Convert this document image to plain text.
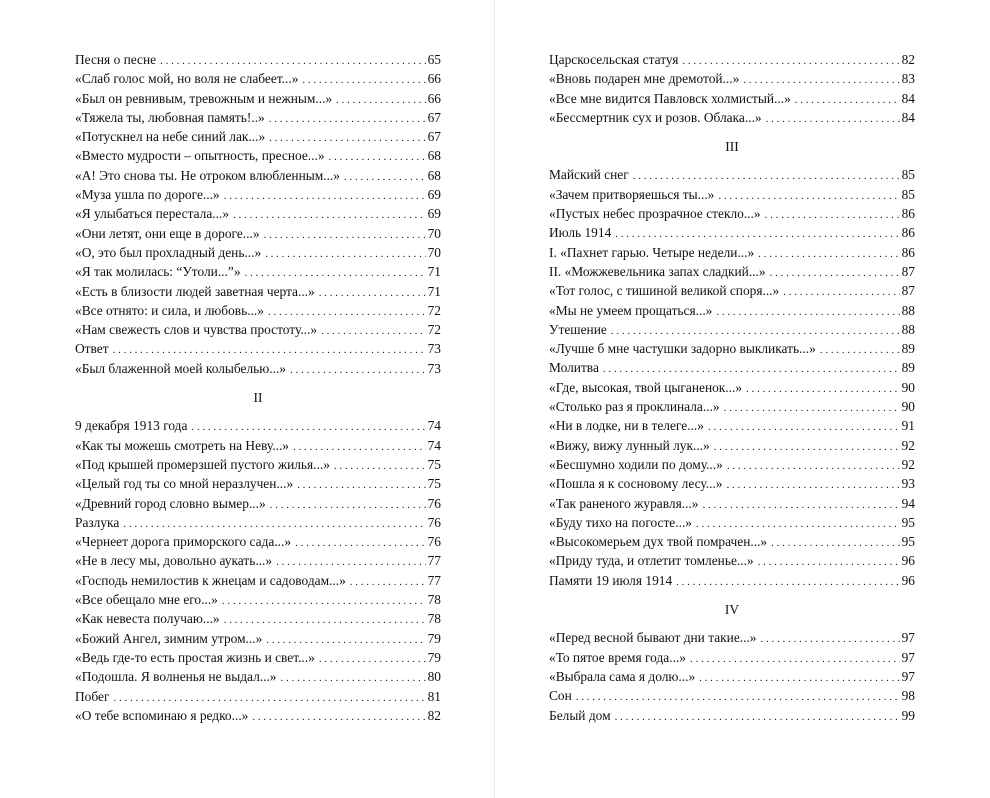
Песня о песне . . .	65
«Слаб голос мой, но воля не слабеет...» . . .	66
«Был он ревнивым, тревожным и нежным...» . . .	66
«Тяжела ты, любовная память!..» . . .	67
«Потускнел на небе синий лак...» . . .	67
«Вместо мудрости – опытность, пресное...» . . .	68
«А! Это снова ты. Не отроком влюбленным...» . . .	68
«Муза ушла по дороге...» . . .	69
«Я улыбаться перестала...» . . .	69
«Они летят, они еще в дороге...» . . .	70
«О, это был прохладный день...» . . .	70
«Я так молилась: “Утоли...”» . . .	71
«Есть в близости людей заветная черта...» . . .	71
«Все отнято: и сила, и любовь...» . . .	72
«Нам свежесть слов и чувства простоту...» . . .	72
Ответ . . .	73
«Был блаженной моей колыбелью...» . . .	73
II
9 декабря 1913 года . . .	74
«Как ты можешь смотреть на Неву...» . . .	74
«Под крышей промерзшей пустого жилья...» . . .	75
«Целый год ты со мной неразлучен...» . . .	75
«Древний город словно вымер...» . . .	76
Разлука . . .	76
«Чернеет дорога приморского сада...» . . .	76
«Не в лесу мы, довольно аукать...» . . .	77
«Господь немилостив к жнецам и садоводам...» . . .	77
«Все обещало мне его...» . . .	78
«Как невеста получаю...» . . .	78
«Божий Ангел, зимним утром...» . . .	79
«Ведь где-то есть простая жизнь и свет...» . . .	79
«Подошла. Я волненья не выдал...» . . .	80
Побег . . .	81
«О тебе вспоминаю я редко...» . . .	82
Царскосельская статуя . . .	82
«Вновь подарен мне дремотой...» . . .	83
«Все мне видится Павловск холмистый...» . . .	84
«Бессмертник сух и розов. Облака...» . . .	84
III
Майский снег . . .	85
«Зачем притворяешься ты...» . . .	85
«Пустых небес прозрачное стекло...» . . .	86
Июль 1914 . . .	86
I. «Пахнет гарью. Четыре недели...» . . .	86
II. «Можжевельника запах сладкий...» . . .	87
«Тот голос, с тишиной великой споря...» . . .	87
«Мы не умеем прощаться...» . . .	88
Утешение . . .	88
«Лучше б мне частушки задорно выкликать...» . . .	89
Молитва . . .	89
«Где, высокая, твой цыганенок...» . . .	90
«Столько раз я проклинала...» . . .	90
«Ни в лодке, ни в телеге...» . . .	91
«Вижу, вижу лунный лук...» . . .	92
«Бесшумно ходили по дому...» . . .	92
«Пошла я к сосновому лесу...» . . .	93
«Так раненого журавля...» . . .	94
«Буду тихо на погосте...» . . .	95
«Высокомерьем дух твой помрачен...» . . .	95
«Приду туда, и отлетит томленье...» . . .	96
Памяти 19 июля 1914 . . .	96
IV
«Перед весной бывают дни такие...» . . .	97
«То пятое время года...» . . .	97
«Выбрала сама я долю...» . . .	97
Сон . . .	98
Белый дом . . .	99
